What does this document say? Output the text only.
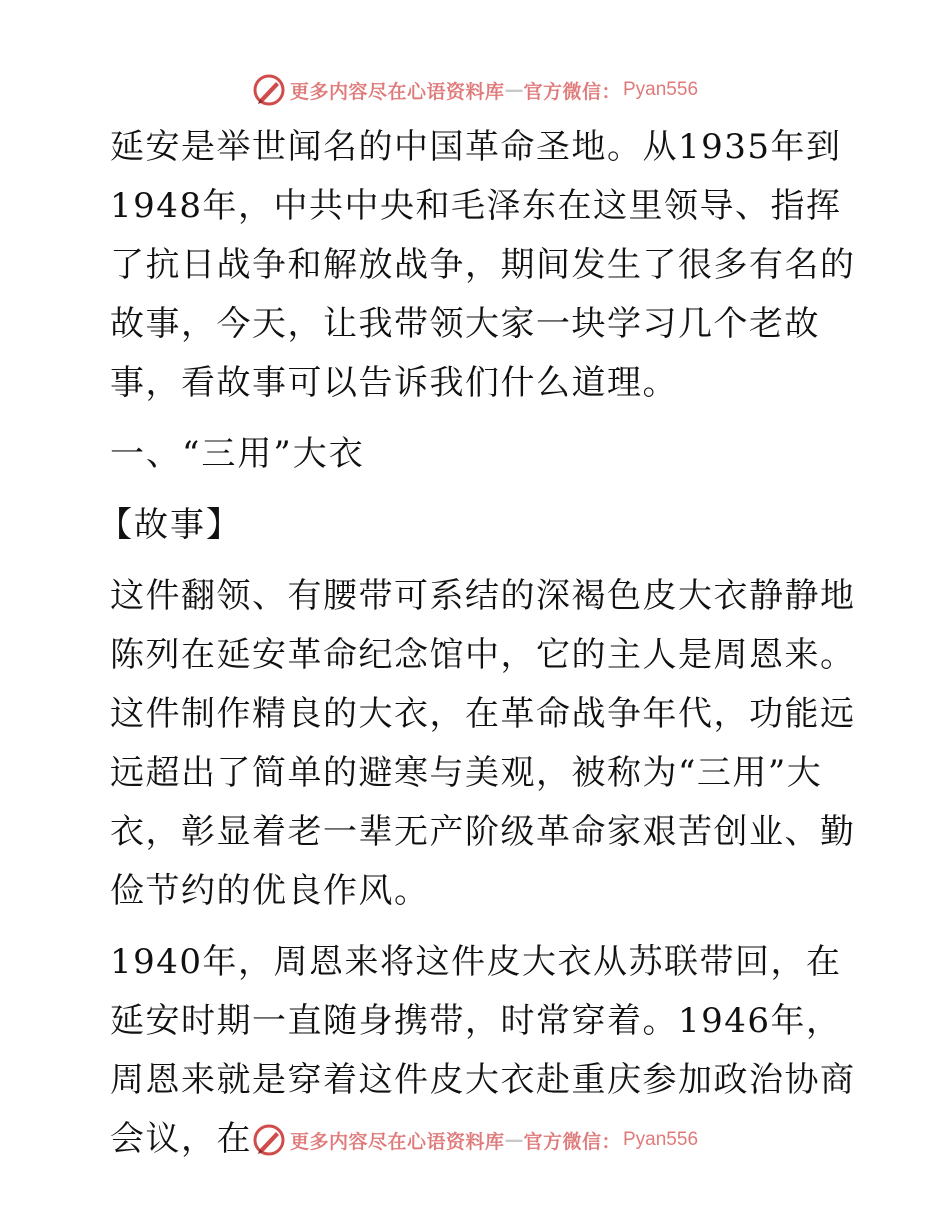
更多内容尽在心语资料库 — 官方微信： Pyan556

延安是举世闻名的中国革命圣地。从1935年到1948年，中共中央和毛泽东在这里领导、指挥了抗日战争和解放战争，期间发生了很多有名的故事，今天，让我带领大家一块学习几个老故事，看故事可以告诉我们什么道理。

一、“三用”大衣

【故事】

这件翻领、有腰带可系结的深褐色皮大衣静静地陈列在延安革命纪念馆中，它的主人是周恩来。这件制作精良的大衣，在革命战争年代，功能远远超出了简单的避寒与美观，被称为“三用”大衣，彰显着老一辈无产阶级革命家艰苦创业、勤俭节约的优良作风。

1940年，周恩来将这件皮大衣从苏联带回，在延安时期一直随身携带，时常穿着。1946年，周恩来就是穿着这件皮大衣赴重庆参加政治协商会议，在	更多内容尽在心语资料库 — 官方微信： Pyan556
